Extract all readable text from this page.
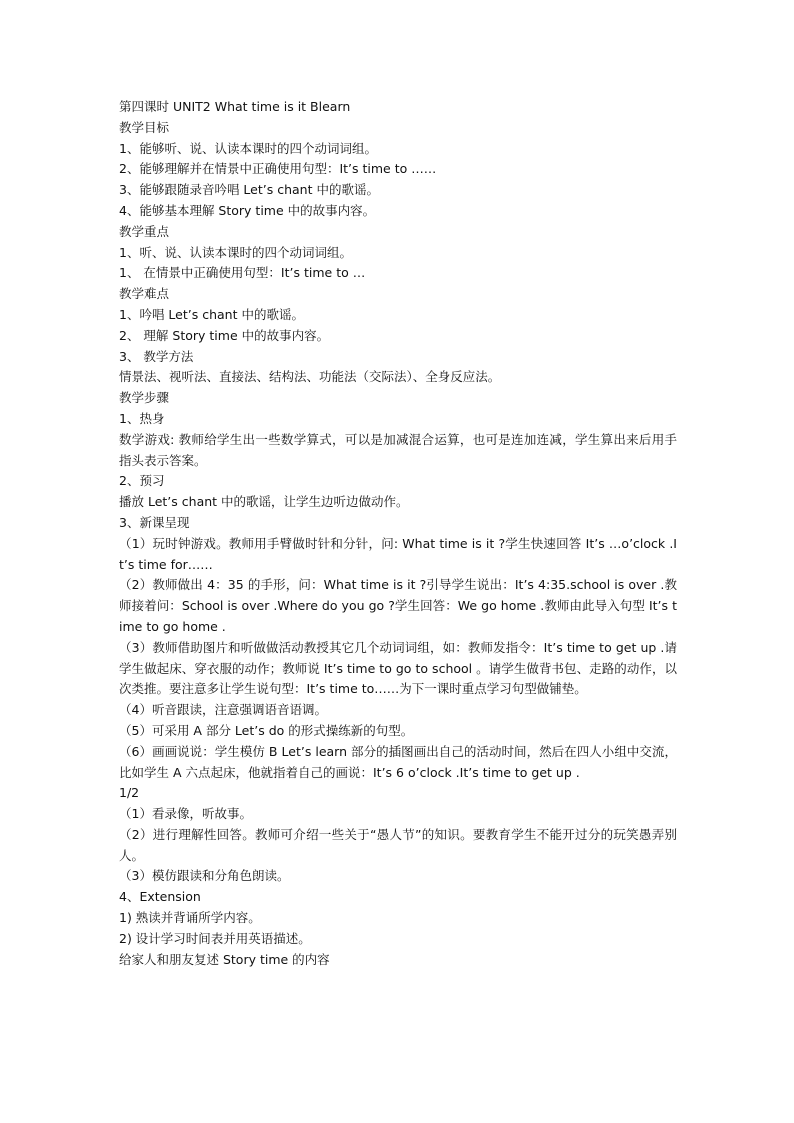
第四课时 UNIT2 What time is it Blearn

教学目标

1、能够听、说、认读本课时的四个动词词组。

2、能够理解并在情景中正确使用句型：It’s time to ……

3、能够跟随录音吟唱 Let’s chant 中的歌谣。

4、能够基本理解 Story time 中的故事内容。

教学重点

1、听、说、认读本课时的四个动词词组。

1、 在情景中正确使用句型：It’s time to …

教学难点

1、吟唱 Let’s chant 中的歌谣。

2、 理解 Story time 中的故事内容。

3、 教学方法

情景法、视听法、直接法、结构法、功能法（交际法）、全身反应法。

教学步骤

1、热身

数学游戏: 教师给学生出一些数学算式，可以是加减混合运算，也可是连加连减，学生算出来后用手指头表示答案。

2、预习

播放 Let’s chant 中的歌谣，让学生边听边做动作。

3、新课呈现

（1）玩时钟游戏。教师用手臂做时针和分针，问: What time is it ?学生快速回答 It’s …o’clock .It’s time for……

（2）教师做出 4：35 的手形，问：What time is it ?引导学生说出：It’s 4:35.school is over .教师接着问：School is over .Where do you go ?学生回答：We go home .教师由此导入句型 It’s time to go home .

（3）教师借助图片和听做做活动教授其它几个动词词组，如：教师发指令：It’s time to get up .请学生做起床、穿衣服的动作；教师说 It’s time to go to school 。请学生做背书包、走路的动作，以次类推。要注意多让学生说句型：It’s time to……为下一课时重点学习句型做铺垫。

（4）听音跟读，注意强调语音语调。

（5）可采用 A 部分 Let’s do 的形式操练新的句型。

（6）画画说说：学生模仿 B Let’s learn 部分的插图画出自己的活动时间，然后在四人小组中交流，比如学生 A 六点起床，他就指着自己的画说：It’s 6 o’clock .It’s time to get up .

1/2

（1）看录像，听故事。

（2）进行理解性回答。教师可介绍一些关于“愚人节”的知识。要教育学生不能开过分的玩笑愚弄别人。

（3）模仿跟读和分角色朗读。

4、Extension

1) 熟读并背诵所学内容。

2) 设计学习时间表并用英语描述。

给家人和朋友复述 Story time 的内容
